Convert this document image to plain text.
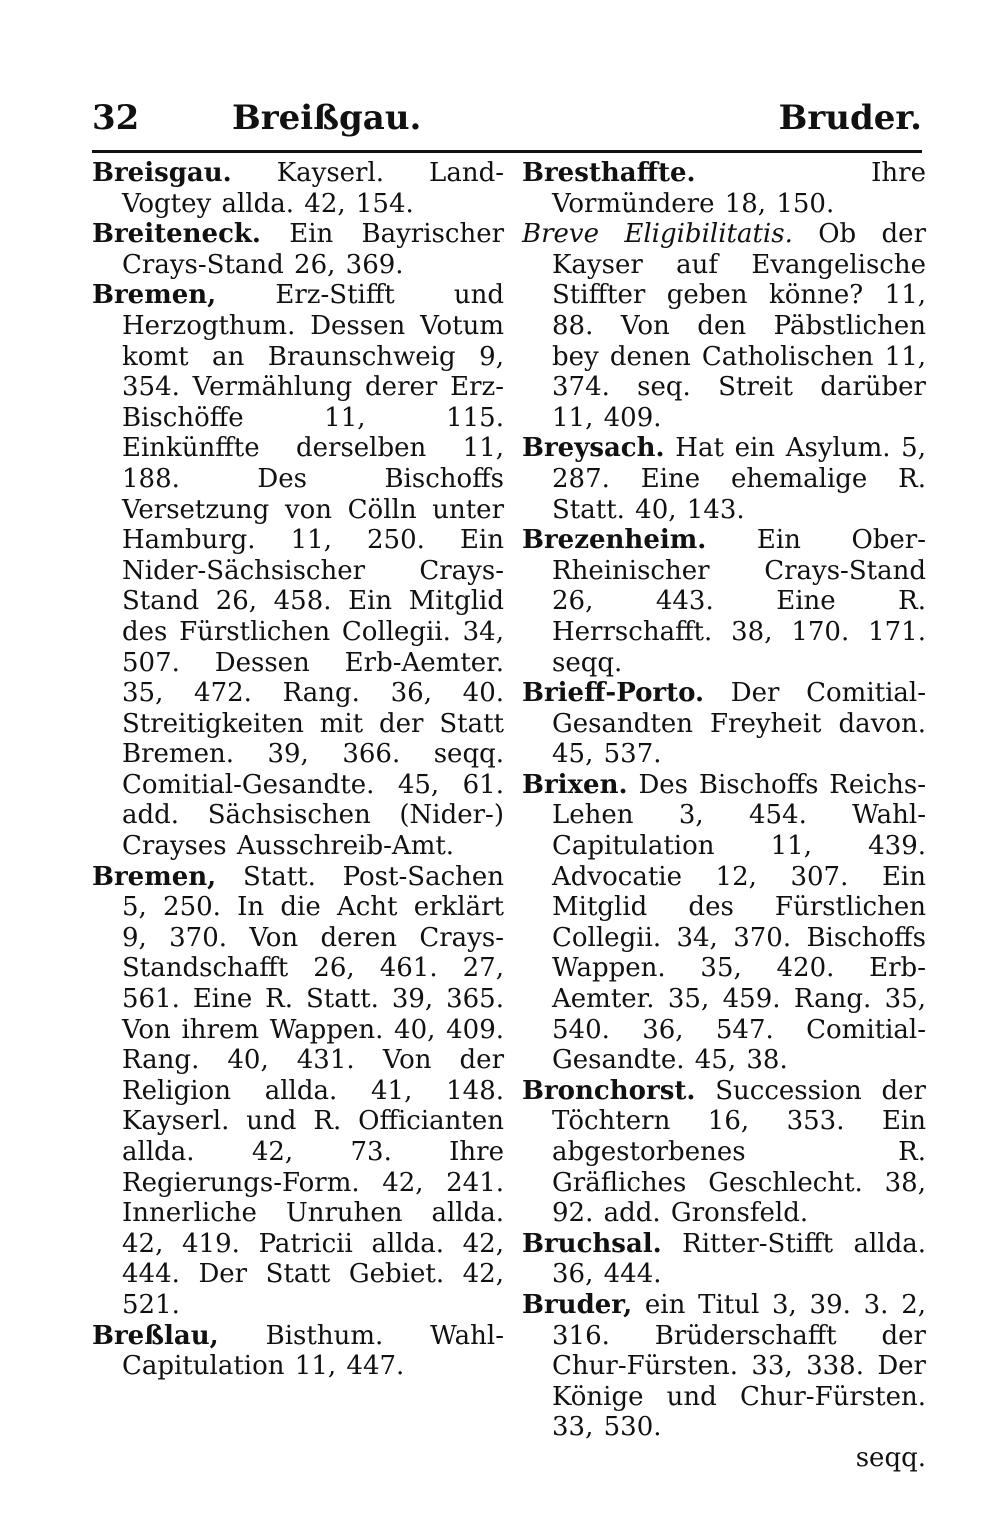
32	Breißgau.	Bruder.

Breisgau. Kayserl. Land-Vogtey allda. 42, 154.

Breiteneck. Ein Bayrischer Crays-Stand 26, 369.

Bremen, Erz-Stifft und Herzogthum. Dessen Votum komt an Braunschweig 9, 354. Vermählung derer Erz-Bischöffe 11, 115. Einkünffte derselben 11, 188. Des Bischoffs Versetzung von Cölln unter Hamburg. 11, 250. Ein Nider-Sächsischer Crays-Stand 26, 458. Ein Mitglid des Fürstlichen Collegii. 34, 507. Dessen Erb-Aemter. 35, 472. Rang. 36, 40. Streitigkeiten mit der Statt Bremen. 39, 366. seqq. Comitial-Gesandte. 45, 61. add. Sächsischen (Nider-) Crayses Ausschreib-Amt.

Bremen, Statt. Post-Sachen 5, 250. In die Acht erklärt 9, 370. Von deren Crays-Standschafft 26, 461. 27, 561. Eine R. Statt. 39, 365. Von ihrem Wappen. 40, 409. Rang. 40, 431. Von der Religion allda. 41, 148. Kayserl. und R. Officianten allda. 42, 73. Ihre Regierungs-Form. 42, 241. Innerliche Unruhen allda. 42, 419. Patricii allda. 42, 444. Der Statt Gebiet. 42, 521.

Breßlau, Bisthum. Wahl-Capitulation 11, 447.

Bresthaffte.	Ihre Vormündere 18, 150.

Breve Eligibilitatis. Ob der Kayser auf Evangelische Stiffter geben könne? 11, 88. Von den Päbstlichen bey denen Catholischen 11, 374. seq. Streit darüber 11, 409.

Breysach. Hat ein Asylum. 5, 287. Eine ehemalige R. Statt. 40, 143.

Brezenheim. Ein Ober-Rheinischer Crays-Stand 26, 443. Eine R. Herrschafft. 38, 170. 171. seqq.

Brieff-Porto. Der Comitial-Gesandten Freyheit davon. 45, 537.

Brixen. Des Bischoffs Reichs-Lehen 3, 454. Wahl-Capitulation 11, 439. Advocatie 12, 307. Ein Mitglid des Fürstlichen Collegii. 34, 370. Bischoffs Wappen. 35, 420. Erb-Aemter. 35, 459. Rang. 35, 540. 36, 547. Comitial-Gesandte. 45, 38.

Bronchorst. Succession der Töchtern 16, 353. Ein abgestorbenes R. Gräfliches Geschlecht. 38, 92. add. Gronsfeld.

Bruchsal. Ritter-Stifft allda. 36, 444.

Bruder, ein Titul 3, 39. 3. 2, 316. Brüderschafft der Chur-Fürsten. 33, 338. Der Könige und Chur-Fürsten. 33, 530.

seqq.
